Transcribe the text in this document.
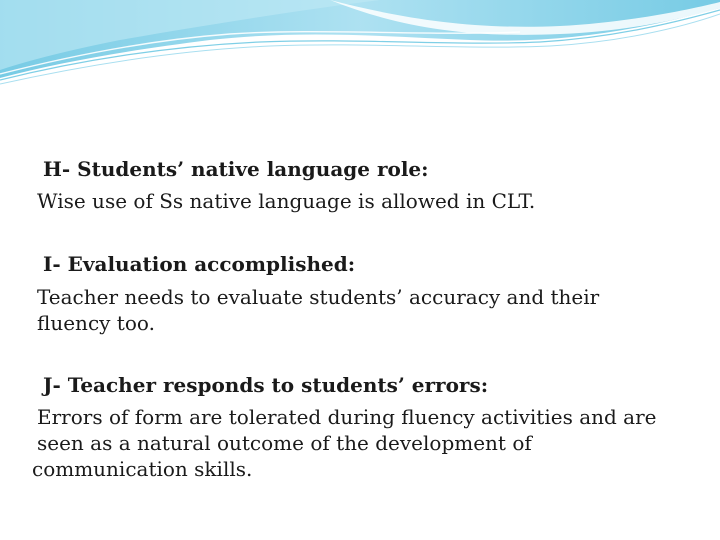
H- Students’ native language role:
Wise use of Ss native language is allowed in CLT.
I- Evaluation accomplished:
Teacher needs to evaluate students’ accuracy and their
fluency too.
J- Teacher responds to students’ errors:
Errors of form are tolerated during fluency activities and are
seen as a natural outcome of the development of
communication skills.
